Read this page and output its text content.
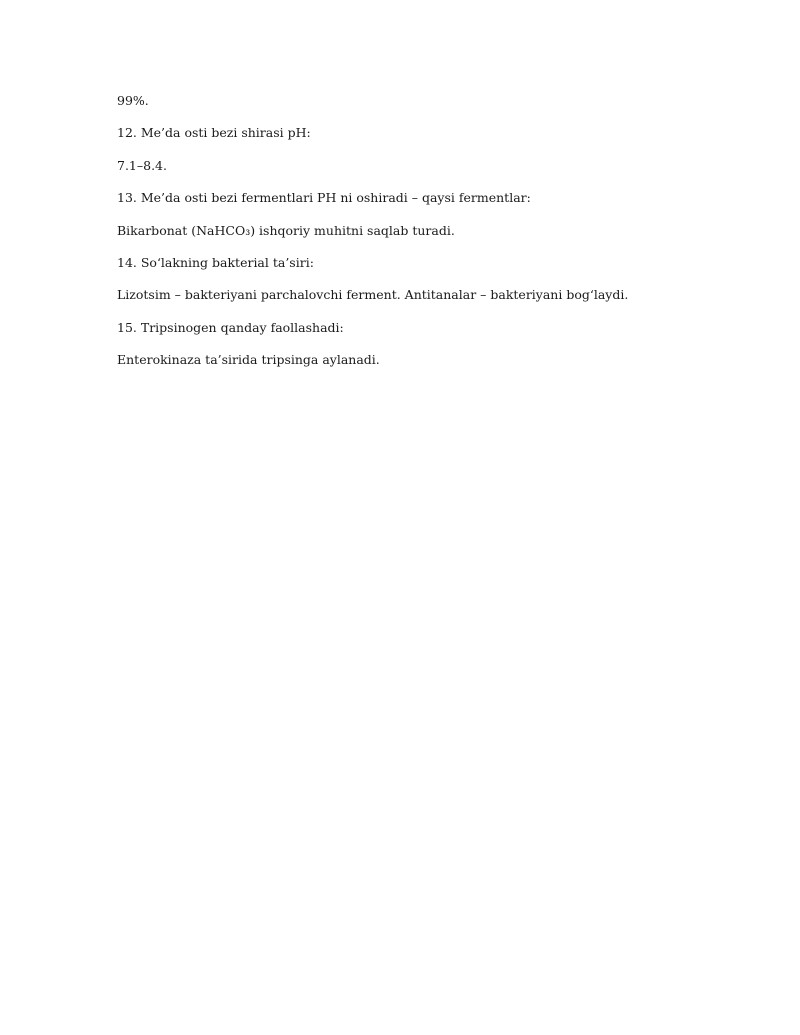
99%.

12. Me’da osti bezi shirasi pH:

7.1–8.4.

13. Me’da osti bezi fermentlari PH ni oshiradi – qaysi fermentlar:

Bikarbonat (NaHCO₃) ishqoriy muhitni saqlab turadi.

14. So‘lakning bakterial ta’siri:

Lizotsim – bakteriyani parchalovchi ferment. Antitanalar – bakteriyani bog‘laydi.

15. Tripsinogen qanday faollashadi:

Enterokinaza ta’sirida tripsinga aylanadi.
